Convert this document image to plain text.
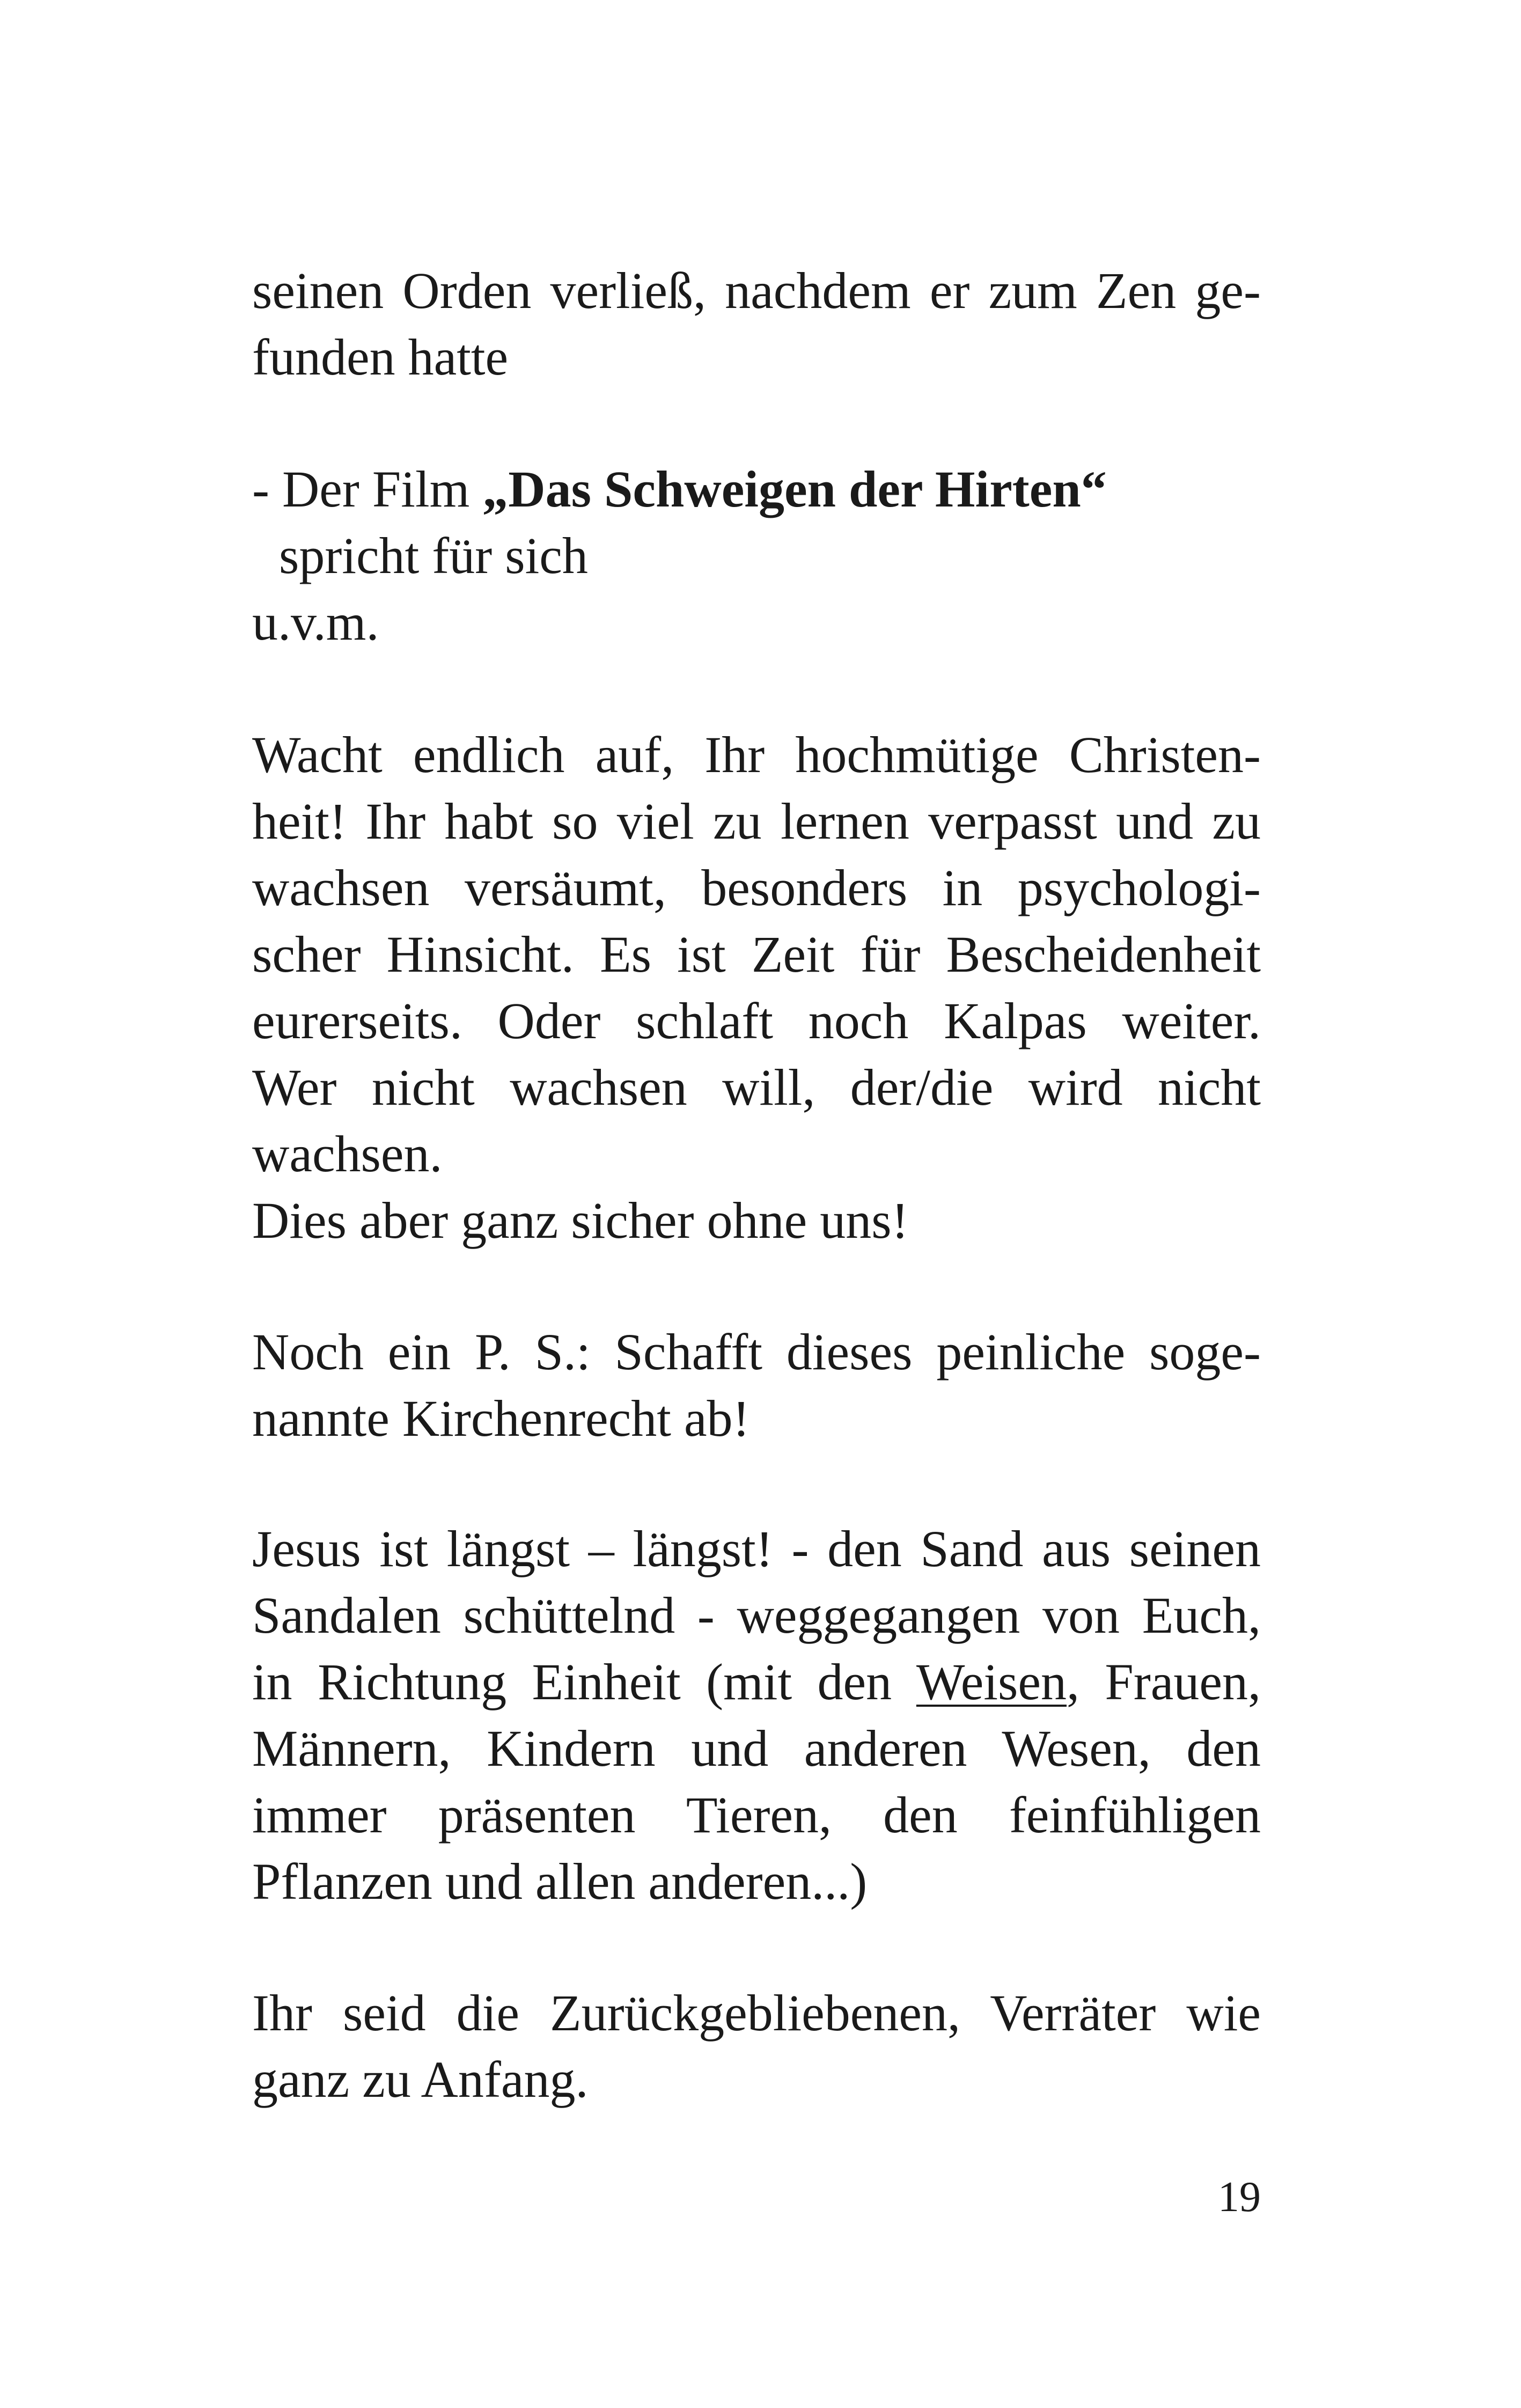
seinen Orden verließ, nachdem er zum Zen ge-
funden hatte
- Der Film „Das Schweigen der Hirten“
spricht für sich
u.v.m.
Wacht endlich auf, Ihr hochmütige Christen-
heit! Ihr habt so viel zu lernen verpasst und zu
wachsen versäumt, besonders in psychologi-
scher Hinsicht. Es ist Zeit für Bescheidenheit
eurerseits. Oder schlaft noch Kalpas weiter.
Wer nicht wachsen will, der/die wird nicht
wachsen.
Dies aber ganz sicher ohne uns!
Noch ein P. S.: Schafft dieses peinliche soge-
nannte Kirchenrecht ab!
Jesus ist längst – längst! - den Sand aus seinen
Sandalen schüttelnd - weggegangen von Euch,
in Richtung Einheit (mit den Weisen, Frauen,
Männern, Kindern und anderen Wesen, den
immer präsenten Tieren, den feinfühligen
Pflanzen und allen anderen...)
Ihr seid die Zurückgebliebenen, Verräter wie
ganz zu Anfang.
19
